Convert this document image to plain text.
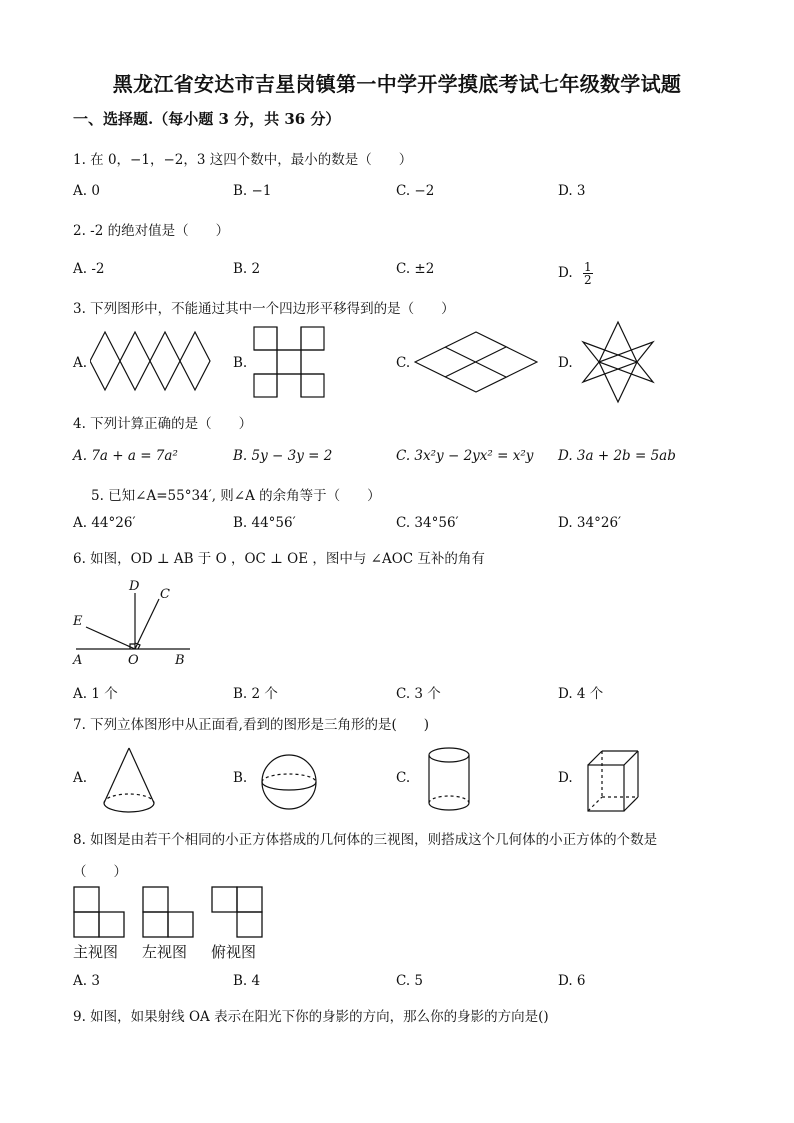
黑龙江省安达市吉星岗镇第一中学开学摸底考试七年级数学试题
一、选择题.（每小题 3 分，共 36 分）
1. 在 0，−1，−2，3 这四个数中，最小的数是（　　）
A. 0	B. −1	C. −2	D. 3
2. -2 的绝对值是（　　）
A. -2	B. 2	C. ±2	D. $\frac{1}{2}$
3. 下列图形中，不能通过其中一个四边形平移得到的是（　　）
A.	B.	C.	D.
4. 下列计算正确的是（　　）
A. 7a + a = 7a²	B. 5y − 3y = 2	C. 3x²y − 2yx² = x²y D. 3a + 2b = 5ab
5. 已知∠A=55°34′, 则∠A 的余角等于（　　）
A. 44°26′	B. 44°56′	C. 34°56′	D. 34°26′
6. 如图，OD ⊥ AB 于 O ，OC ⊥ OE ，图中与 ∠AOC 互补的角有
D
C
E
A	O	B
A. 1 个	B. 2 个	C. 3 个	D. 4 个
7. 下列立体图形中从正面看,看到的图形是三角形的是(　　)
A.	B.	C.	D.
8. 如图是由若干个相同的小正方体搭成的几何体的三视图，则搭成这个几何体的小正方体的个数是
（　　）
主视图 左视图 俯视图
A. 3	B. 4	C. 5	D. 6
9. 如图，如果射线 OA 表示在阳光下你的身影的方向，那么你的身影的方向是()
